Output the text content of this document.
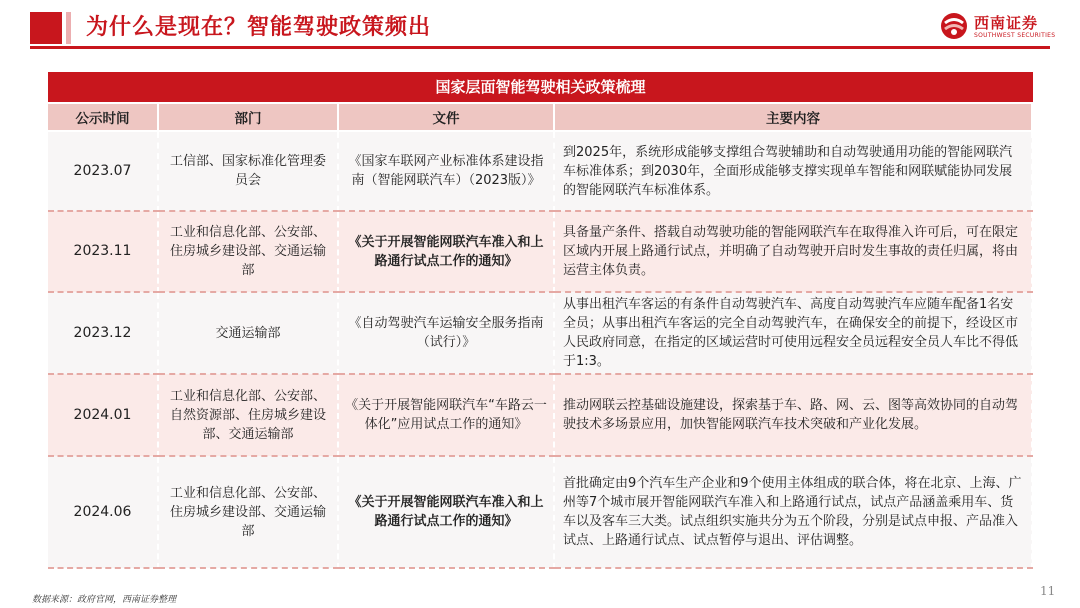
为什么是现在？智能驾驶政策频出	西南证券
SOUTHWEST SECURITIES
国家层面智能驾驶相关政策梳理
公示时间	部门	文件	主要内容
2023.07	工信部、国家标准化管理委员会	《国家车联网产业标准体系建设指南（智能网联汽车）（2023版）》	到2025年，系统形成能够支撑组合驾驶辅助和自动驾驶通用功能的智能网联汽车标准体系；到2030年，全面形成能够支撑实现单车智能和网联赋能协同发展的智能网联汽车标准体系。
2023.11	工业和信息化部、公安部、住房城乡建设部、交通运输部	《关于开展智能网联汽车准入和上路通行试点工作的通知》	具备量产条件、搭载自动驾驶功能的智能网联汽车在取得准入许可后，可在限定区域内开展上路通行试点，并明确了自动驾驶开启时发生事故的责任归属，将由运营主体负责。
2023.12	交通运输部	《自动驾驶汽车运输安全服务指南（试行）》	从事出租汽车客运的有条件自动驾驶汽车、高度自动驾驶汽车应随车配备1名安全员；从事出租汽车客运的完全自动驾驶汽车，在确保安全的前提下，经设区市人民政府同意，在指定的区域运营时可使用远程安全员远程安全员人车比不得低于1:3。
2024.01	工业和信息化部、公安部、自然资源部、住房城乡建设部、交通运输部	《关于开展智能网联汽车“车路云一体化”应用试点工作的通知》	推动网联云控基础设施建设，探索基于车、路、网、云、图等高效协同的自动驾驶技术多场景应用，加快智能网联汽车技术突破和产业化发展。
2024.06	工业和信息化部、公安部、住房城乡建设部、交通运输部	《关于开展智能网联汽车准入和上路通行试点工作的通知》	首批确定由9个汽车生产企业和9个使用主体组成的联合体，将在北京、上海、广州等7个城市展开智能网联汽车准入和上路通行试点，试点产品涵盖乘用车、货车以及客车三大类。试点组织实施共分为五个阶段，分别是试点申报、产品准入试点、上路通行试点、试点暂停与退出、评估调整。
数据来源：政府官网，西南证券整理
11
